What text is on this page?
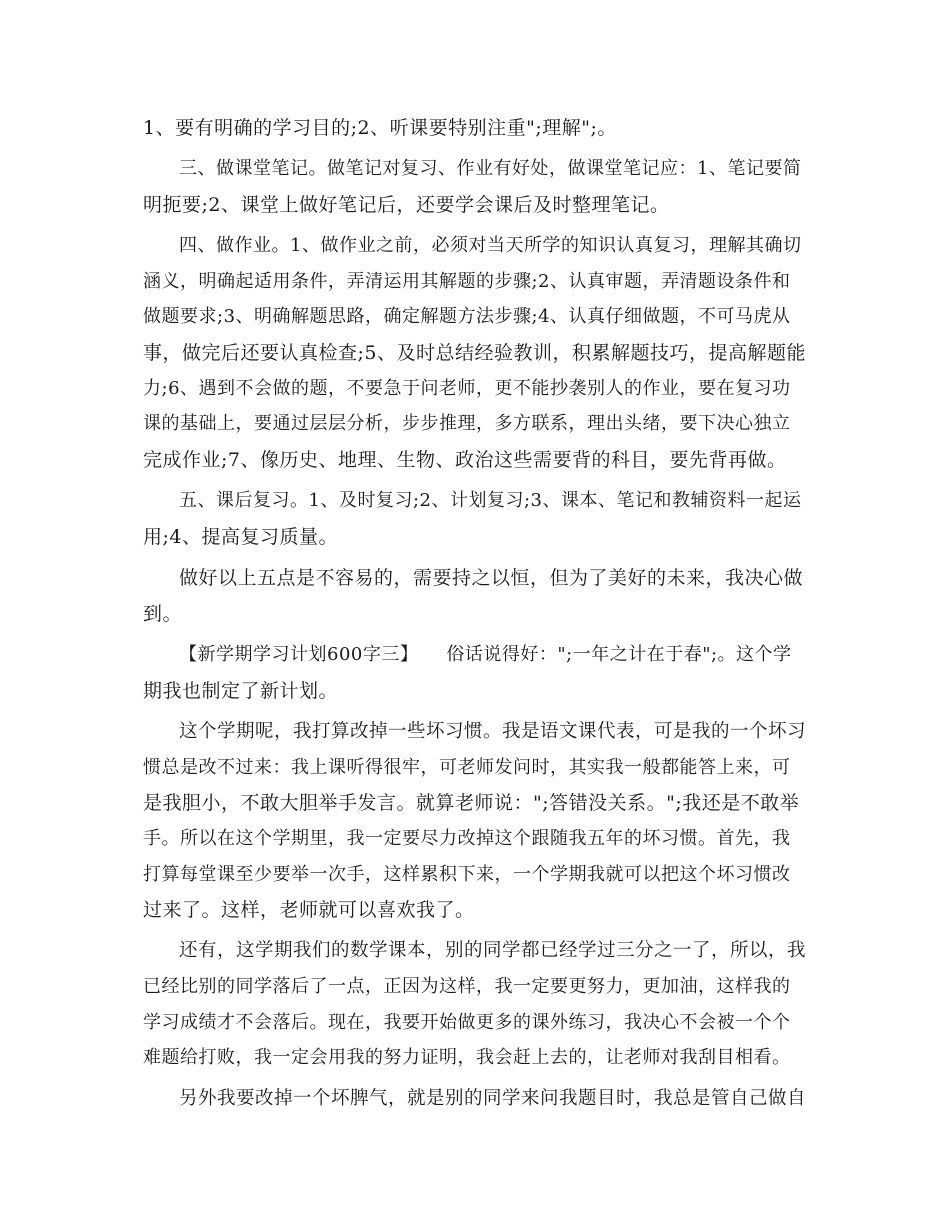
1、要有明确的学习目的;2、听课要特别注重";理解";。
三、做课堂笔记。做笔记对复习、作业有好处，做课堂笔记应：1、笔记要简
明扼要;2、课堂上做好笔记后，还要学会课后及时整理笔记。
四、做作业。1、做作业之前，必须对当天所学的知识认真复习，理解其确切
涵义，明确起适用条件，弄清运用其解题的步骤;2、认真审题，弄清题设条件和
做题要求;3、明确解题思路，确定解题方法步骤;4、认真仔细做题，不可马虎从
事，做完后还要认真检查;5、及时总结经验教训，积累解题技巧，提高解题能
力;6、遇到不会做的题，不要急于问老师，更不能抄袭别人的作业，要在复习功
课的基础上，要通过层层分析，步步推理，多方联系，理出头绪，要下决心独立
完成作业;7、像历史、地理、生物、政治这些需要背的科目，要先背再做。
五、课后复习。1、及时复习;2、计划复习;3、课本、笔记和教辅资料一起运
用;4、提高复习质量。
做好以上五点是不容易的，需要持之以恒，但为了美好的未来，我决心做
到。
【新学期学习计划600字三】　　俗话说得好：";一年之计在于春";。这个学
期我也制定了新计划。
这个学期呢，我打算改掉一些坏习惯。我是语文课代表，可是我的一个坏习
惯总是改不过来：我上课听得很牢，可老师发问时，其实我一般都能答上来，可
是我胆小，不敢大胆举手发言。就算老师说：";答错没关系。";我还是不敢举
手。所以在这个学期里，我一定要尽力改掉这个跟随我五年的坏习惯。首先，我
打算每堂课至少要举一次手，这样累积下来，一个学期我就可以把这个坏习惯改
过来了。这样，老师就可以喜欢我了。
还有，这学期我们的数学课本，别的同学都已经学过三分之一了，所以，我
已经比别的同学落后了一点，正因为这样，我一定要更努力，更加油，这样我的
学习成绩才不会落后。现在，我要开始做更多的课外练习，我决心不会被一个个
难题给打败，我一定会用我的努力证明，我会赶上去的，让老师对我刮目相看。
另外我要改掉一个坏脾气，就是别的同学来问我题目时，我总是管自己做自
